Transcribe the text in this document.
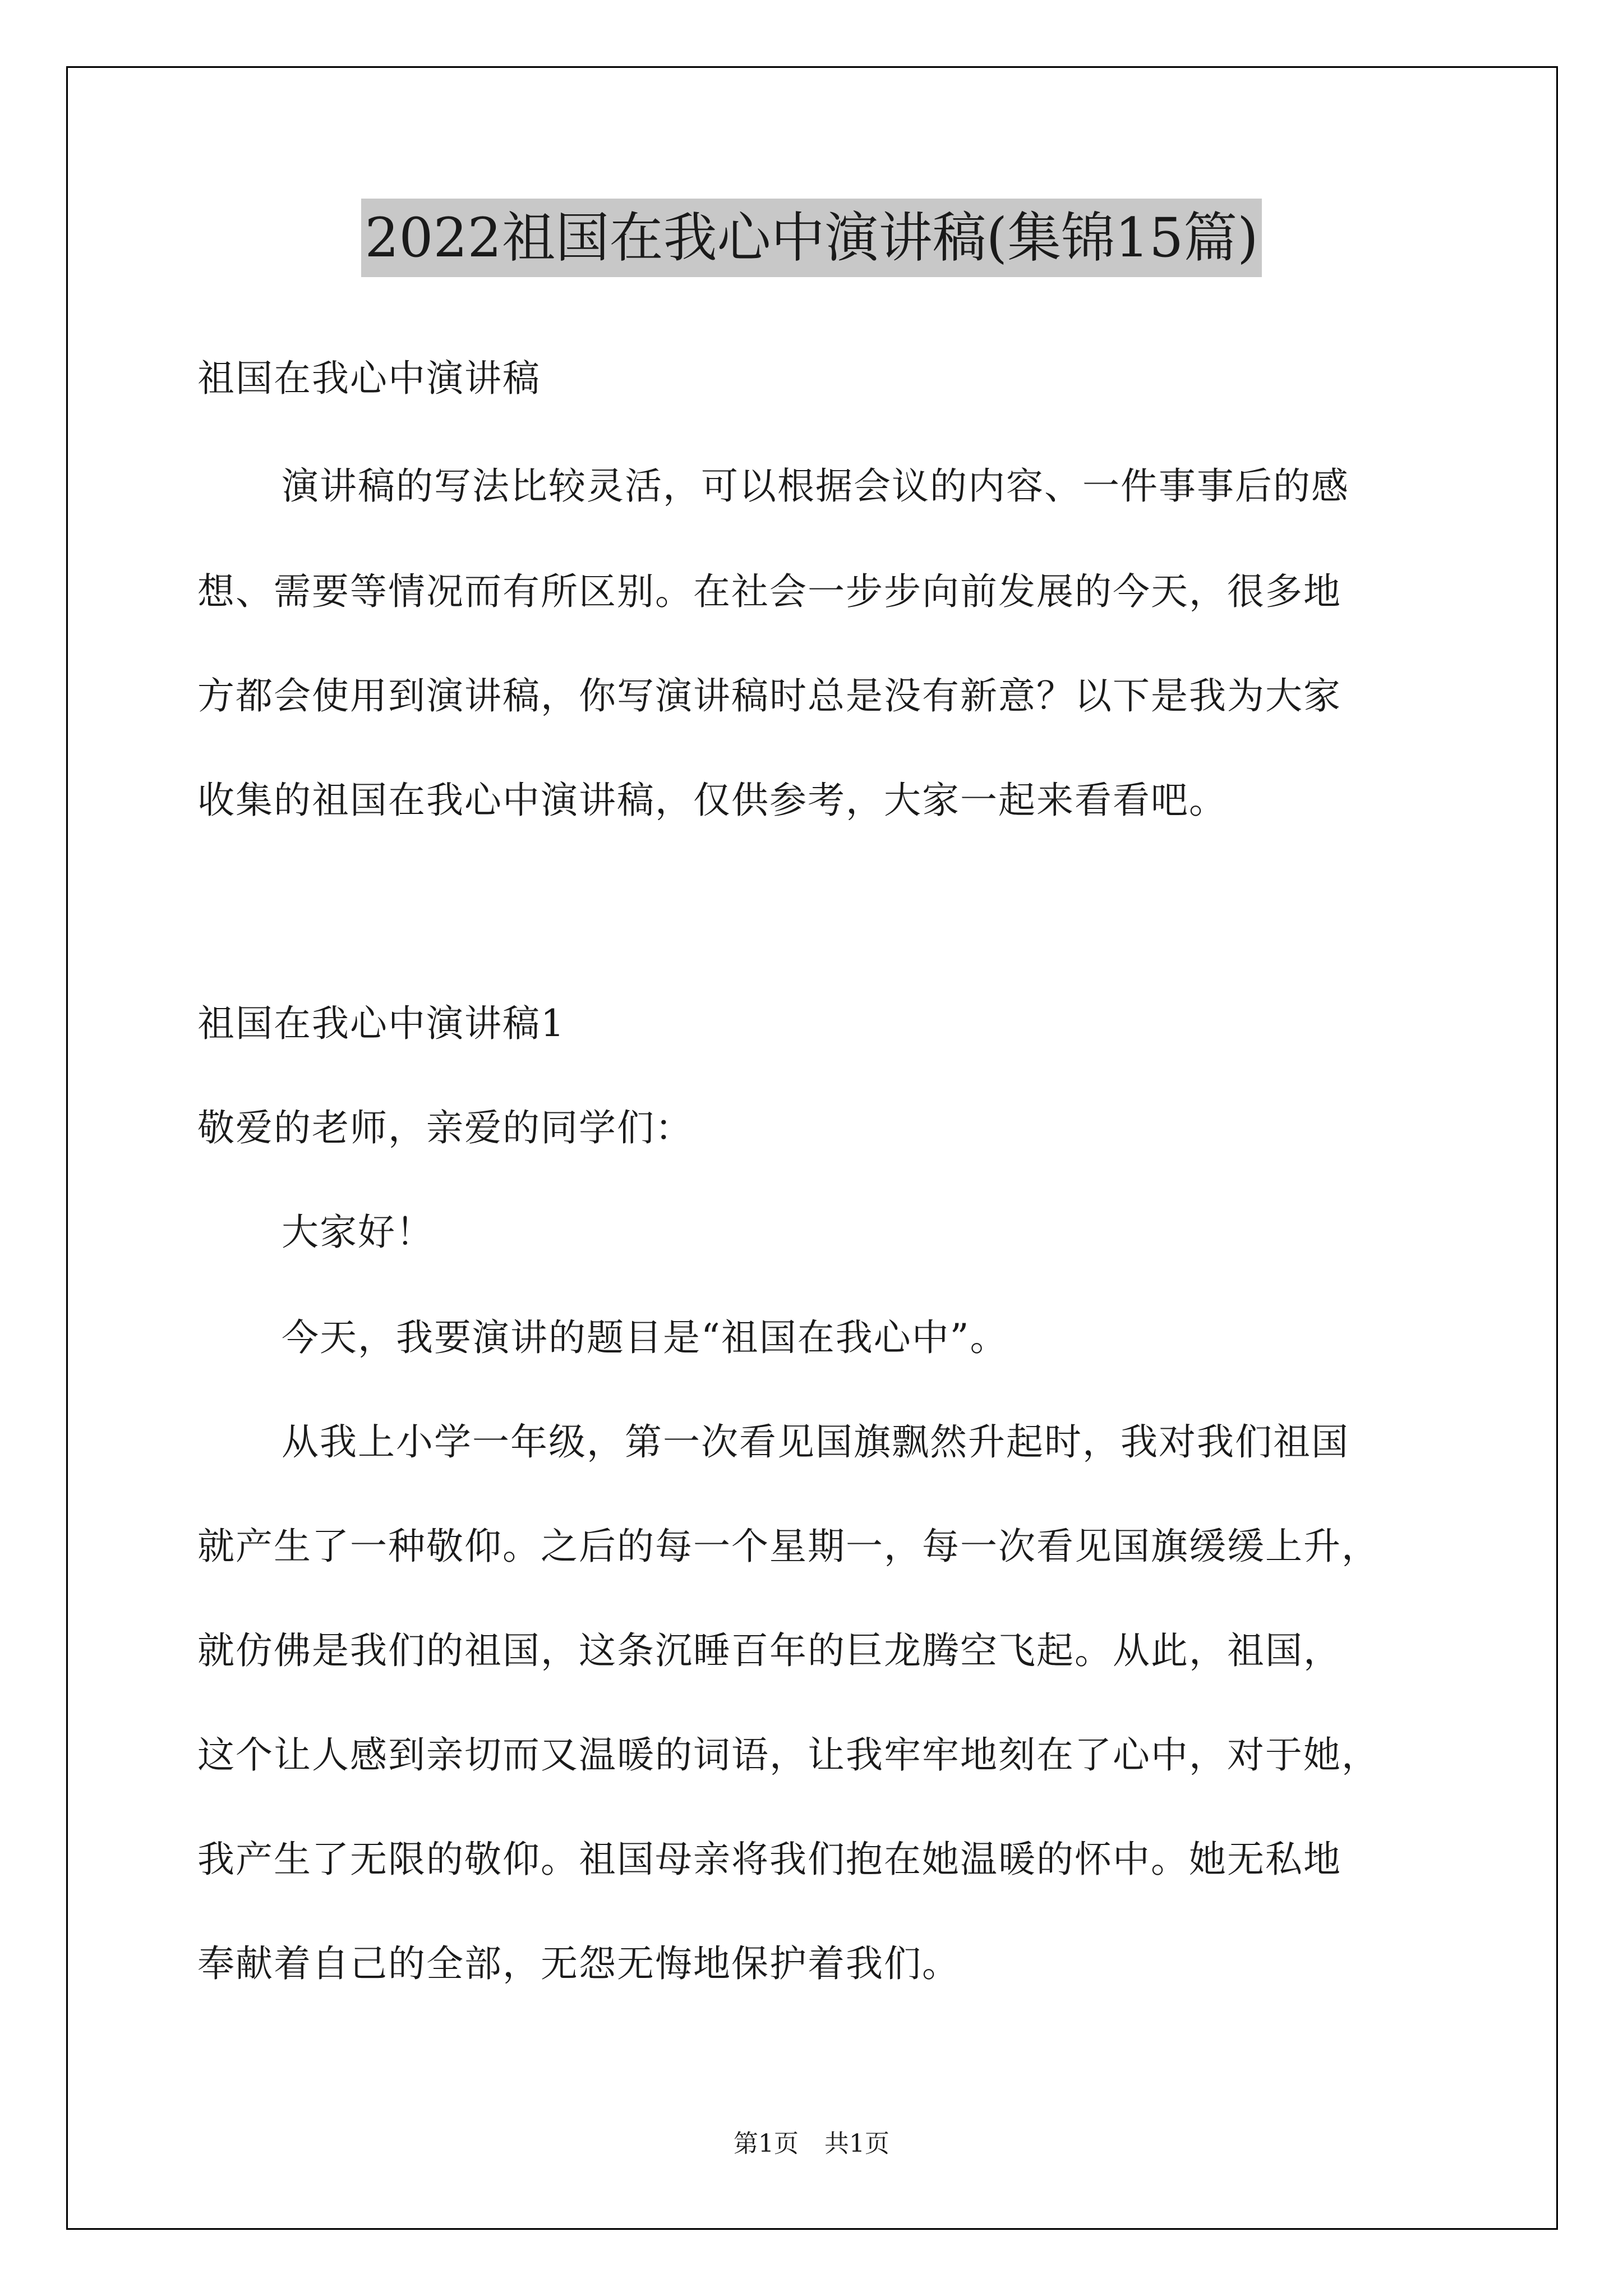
2022祖国在我心中演讲稿(集锦15篇)
祖国在我心中演讲稿
演讲稿的写法比较灵活，可以根据会议的内容、一件事事后的感
想、需要等情况而有所区别。在社会一步步向前发展的今天，很多地
方都会使用到演讲稿，你写演讲稿时总是没有新意？以下是我为大家
收集的祖国在我心中演讲稿，仅供参考，大家一起来看看吧。
祖国在我心中演讲稿1
敬爱的老师，亲爱的同学们：
大家好！
今天，我要演讲的题目是“祖国在我心中”。
从我上小学一年级，第一次看见国旗飘然升起时，我对我们祖国
就产生了一种敬仰。之后的每一个星期一，每一次看见国旗缓缓上升，
就仿佛是我们的祖国，这条沉睡百年的巨龙腾空飞起。从此，祖国，
这个让人感到亲切而又温暖的词语，让我牢牢地刻在了心中，对于她，
我产生了无限的敬仰。祖国母亲将我们抱在她温暖的怀中。她无私地
奉献着自己的全部，无怨无悔地保护着我们。
第1页 共1页
